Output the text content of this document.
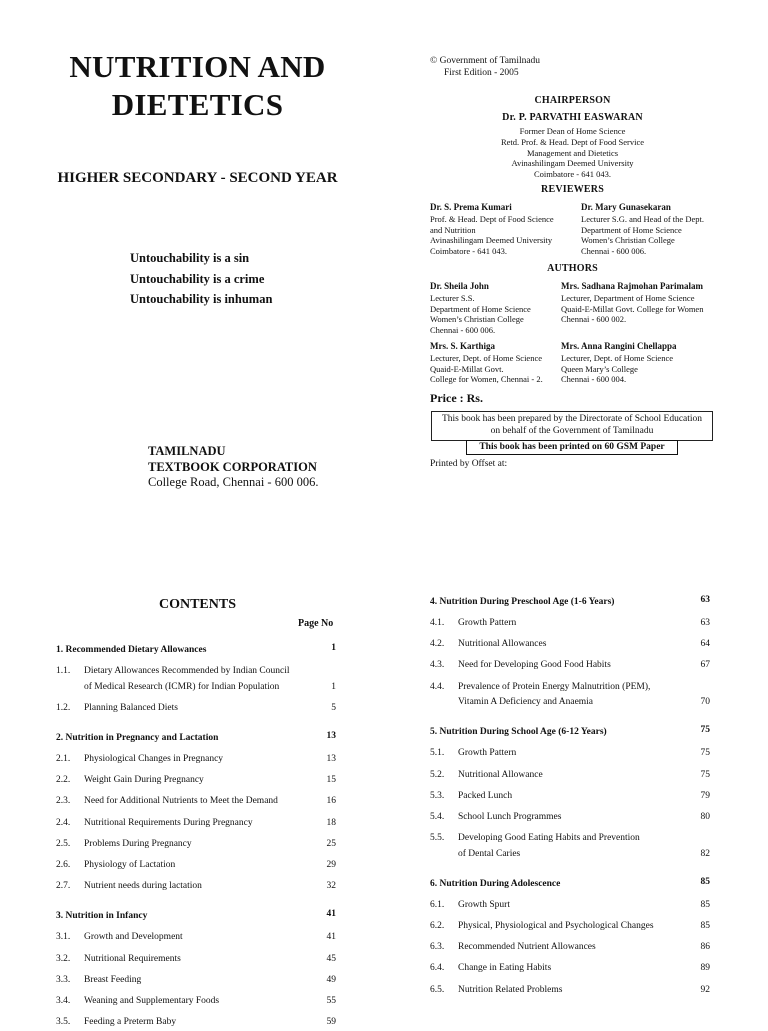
NUTRITION AND
DIETETICS
HIGHER SECONDARY - SECOND YEAR
Untouchability is a sin
Untouchability is a crime
Untouchability is inhuman
TAMILNADU
TEXTBOOK CORPORATION
College Road, Chennai - 600 006.
© Government of Tamilnadu
First Edition - 2005
CHAIRPERSON
Dr. P. PARVATHI EASWARAN
Former Dean of Home Science
Retd. Prof. & Head. Dept of Food Service
Management and Dietetics
Avinashilingam Deemed University
Coimbatore - 641 043.
REVIEWERS
Dr. S. Prema Kumari
Prof. & Head. Dept of Food Science
and Nutrition
Avinashilingam Deemed University
Coimbatore - 641 043.
Dr. Mary Gunasekaran
Lecturer S.G. and Head of the Dept.
Department of Home Science
Women’s Christian College
Chennai - 600 006.
AUTHORS
Dr. Sheila John
Lecturer S.S.
Department of Home Science
Women’s Christian College
Chennai - 600 006.
Mrs. Sadhana Rajmohan Parimalam
Lecturer, Department of Home Science
Quaid-E-Millat Govt. College for Women
Chennai - 600 002.
Mrs. S. Karthiga
Lecturer, Dept. of Home Science
Quaid-E-Millat Govt.
College for Women, Chennai - 2.
Mrs. Anna Rangini Chellappa
Lecturer, Dept. of Home Science
Queen Mary’s College
Chennai - 600 004.
Price : Rs.
This book has been prepared by the Directorate of School Education
on behalf of the Government of Tamilnadu
This book has been printed on 60 GSM Paper
Printed by Offset at:
CONTENTS
Page No
1. Recommended Dietary Allowances	1
1.1. Dietary Allowances Recommended by Indian Council
of Medical Research (ICMR) for Indian Population	1
1.2. Planning Balanced Diets	5
2. Nutrition in Pregnancy and Lactation	13
2.1. Physiological Changes in Pregnancy	13
2.2. Weight Gain During Pregnancy	15
2.3. Need for Additional Nutrients to Meet the Demand	16
2.4. Nutritional Requirements During Pregnancy	18
2.5. Problems During Pregnancy	25
2.6. Physiology of Lactation	29
2.7. Nutrient needs during lactation	32
3. Nutrition in Infancy	41
3.1. Growth and Development	41
3.2. Nutritional Requirements	45
3.3. Breast Feeding	49
3.4. Weaning and Supplementary Foods	55
3.5. Feeding a Preterm Baby	59
4. Nutrition During Preschool Age (1-6 Years)	63
4.1. Growth Pattern	63
4.2. Nutritional Allowances	64
4.3. Need for Developing Good Food Habits	67
4.4. Prevalence of Protein Energy Malnutrition (PEM),
Vitamin A Deficiency and Anaemia	70
5. Nutrition During School Age (6-12 Years)	75
5.1. Growth Pattern	75
5.2. Nutritional Allowance	75
5.3. Packed Lunch	79
5.4. School Lunch Programmes	80
5.5. Developing Good Eating Habits and Prevention
of Dental Caries	82
6. Nutrition During Adolescence	85
6.1. Growth Spurt	85
6.2. Physical, Physiological and Psychological Changes	85
6.3. Recommended Nutrient Allowances	86
6.4. Change in Eating Habits	89
6.5. Nutrition Related Problems	92
